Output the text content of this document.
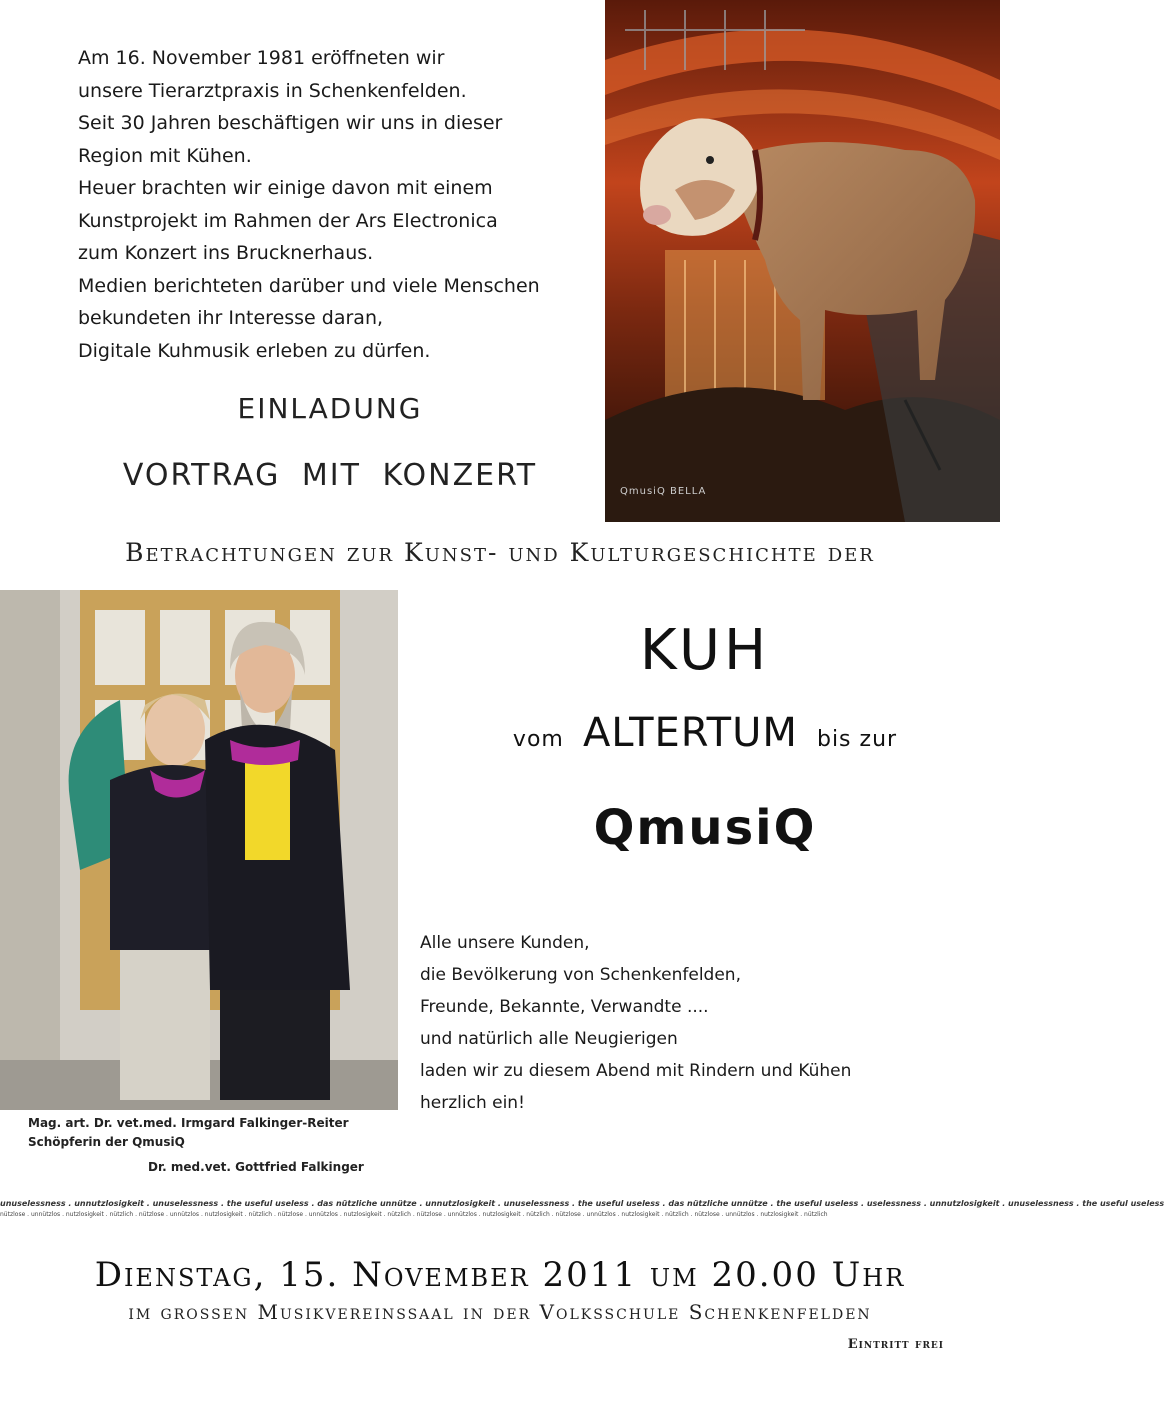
Am 16. November 1981 eröffneten wir
unsere Tierarztpraxis in Schenkenfelden.
Seit 30 Jahren beschäftigen wir uns in dieser
Region mit Kühen.
Heuer brachten wir einige davon mit einem
Kunstprojekt im Rahmen der Ars Electronica
zum Konzert ins Brucknerhaus.
Medien berichteten darüber und viele Menschen
bekundeten ihr Interesse daran,
Digitale Kuhmusik erleben zu dürfen.
EINLADUNG
VORTRAG MIT KONZERT	QmusiQ BELLA
Betrachtungen zur Kunst- und Kulturgeschichte der
KUH
vom ALTERTUM bis zur
QmusiQ
Alle unsere Kunden,
die Bevölkerung von Schenkenfelden,
Freunde, Bekannte, Verwandte ....
und natürlich alle Neugierigen
laden wir zu diesem Abend mit Rindern und Kühen
herzlich ein!
Mag. art. Dr. vet.med. Irmgard Falkinger-Reiter
Schöpferin der QmusiQ
Dr. med.vet. Gottfried Falkinger
unuselessness . unnutzlosigkeit . unuselessness . the useful useless . das nützliche unnütze . unnutzlosigkeit . unuselessness . the useful useless . das nützliche unnütze . the useful useless . uselessness . unnutzlosigkeit . unuselessness . the useful useless
nützlose . unnützlos . nutzlosigkeit . nützlich . nützlose . unnützlos . nutzlosigkeit . nützlich . nützlose . unnützlos . nutzlosigkeit . nützlich . nützlose . unnützlos . nutzlosigkeit . nützlich . nützlose . unnützlos . nutzlosigkeit . nützlich . nützlose . unnützlos . nutzlosigkeit . nützlich
Dienstag, 15. November 2011 um 20.00 Uhr
im grossen Musikvereinssaal in der Volksschule Schenkenfelden
Eintritt frei
